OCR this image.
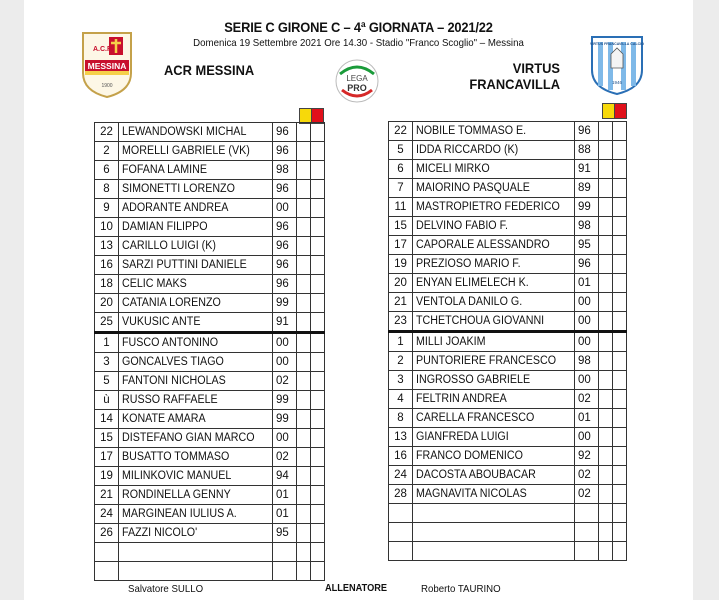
SERIE C GIRONE C – 4ª GIORNATA – 2021/22
Domenica 19 Settembre 2021 Ore 14.30 - Stadio "Franco Scoglio" – Messina
A.C.R.
MESSINA
1900
ACR MESSINA
LEGA
PRO
VIRTUS
FRANCAVILLA
VIRTUS FRANCAVILLA CALCIO
1946
22	LEWANDOWSKI MICHAL	96		
2	MORELLI GABRIELE (VK)	96		
6	FOFANA LAMINE	98		
8	SIMONETTI LORENZO	96		
9	ADORANTE ANDREA	00		
10	DAMIAN FILIPPO	96		
13	CARILLO LUIGI (K)	96		
16	SARZI PUTTINI DANIELE	96		
18	CELIC MAKS	96		
20	CATANIA LORENZO	99		
25	VUKUSIC ANTE	91		
1	FUSCO ANTONINO	00		
3	GONCALVES TIAGO	00		
5	FANTONI NICHOLAS	02		
ù	RUSSO RAFFAELE	99		
14	KONATE AMARA	99		
15	DISTEFANO GIAN MARCO	00		
17	BUSATTO TOMMASO	02		
19	MILINKOVIC MANUEL	94		
21	RONDINELLA GENNY	01		
24	MARGINEAN IULIUS A.	01		
26	FAZZI NICOLO'	95		

22	NOBILE TOMMASO E.	96		
5	IDDA RICCARDO (K)	88		
6	MICELI MIRKO	91		
7	MAIORINO PASQUALE	89		
11	MASTROPIETRO FEDERICO	99		
15	DELVINO FABIO F.	98		
17	CAPORALE ALESSANDRO	95		
19	PREZIOSO MARIO F.	96		
20	ENYAN ELIMELECH K.	01		
21	VENTOLA DANILO G.	00		
23	TCHETCHOUA GIOVANNI	00		
1	MILLI JOAKIM	00		
2	PUNTORIERE FRANCESCO	98		
3	INGROSSO GABRIELE	00		
4	FELTRIN ANDREA	02		
8	CARELLA FRANCESCO	01		
13	GIANFREDA LUIGI	00		
16	FRANCO DOMENICO	92		
24	DACOSTA ABOUBACAR	02		
28	MAGNAVITA NICOLAS	02		

Salvatore SULLO	ALLENATORE	Roberto TAURINO
